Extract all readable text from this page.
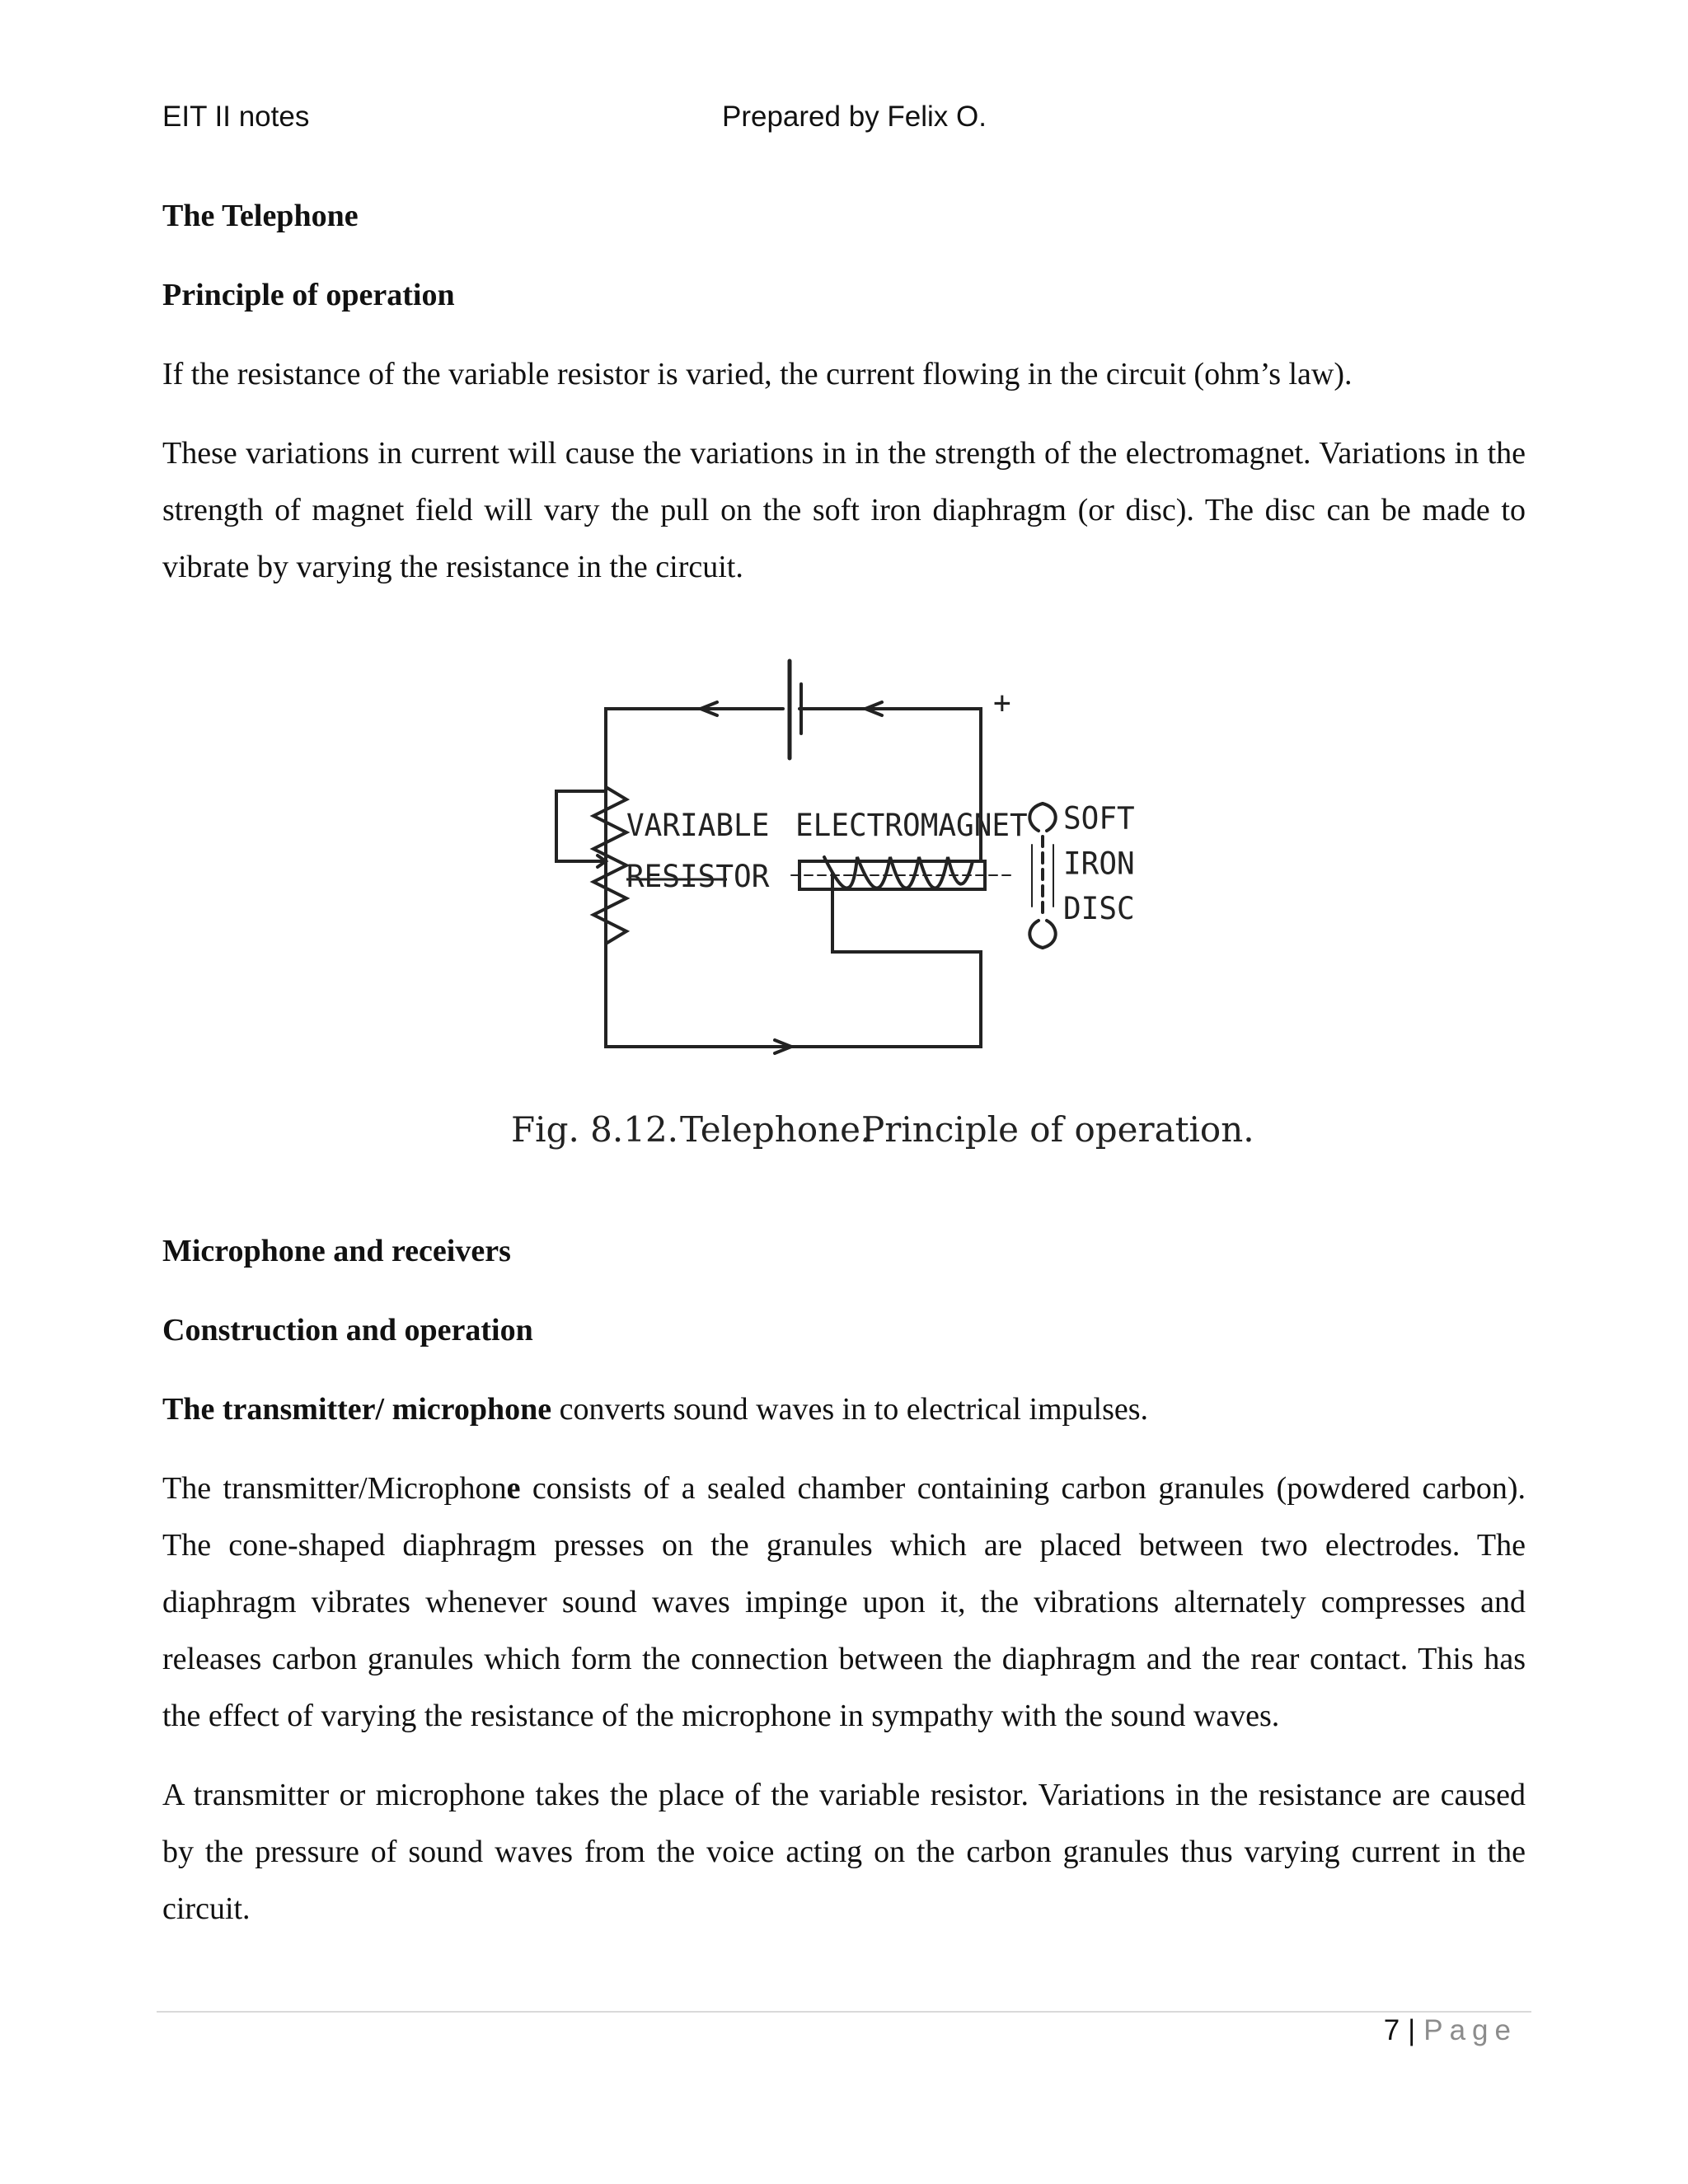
EIT II notes	Prepared by Felix O.
The Telephone
Principle of operation

If the resistance of the variable resistor is varied, the current flowing in the circuit (ohm’s law).

These variations in current will cause the variations in in the strength of the electromagnet. Variations in the strength of magnet field will vary the pull on the soft iron diaphragm (or disc). The disc can be made to vibrate by varying the resistance in the circuit.

VARIABLE
RESISTOR
ELECTROMAGNET SOFT
IRON
DISC
+
Fig. 8.12. Telephone.
Principle of operation.
Microphone and receivers
Construction and operation

The transmitter/ microphone converts sound waves in to electrical impulses.

The transmitter/Microphone consists of a sealed chamber containing carbon granules (powdered carbon). The cone-shaped diaphragm presses on the granules which are placed between two electrodes. The diaphragm vibrates whenever sound waves impinge upon it, the vibrations alternately compresses and releases carbon granules which form the connection between the diaphragm and the rear contact. This has the effect of varying the resistance of the microphone in sympathy with the sound waves.

A transmitter or microphone takes the place of the variable resistor. Variations in the resistance are caused by the pressure of sound waves from the voice acting on the carbon granules thus varying current in the circuit.

7 | Page
